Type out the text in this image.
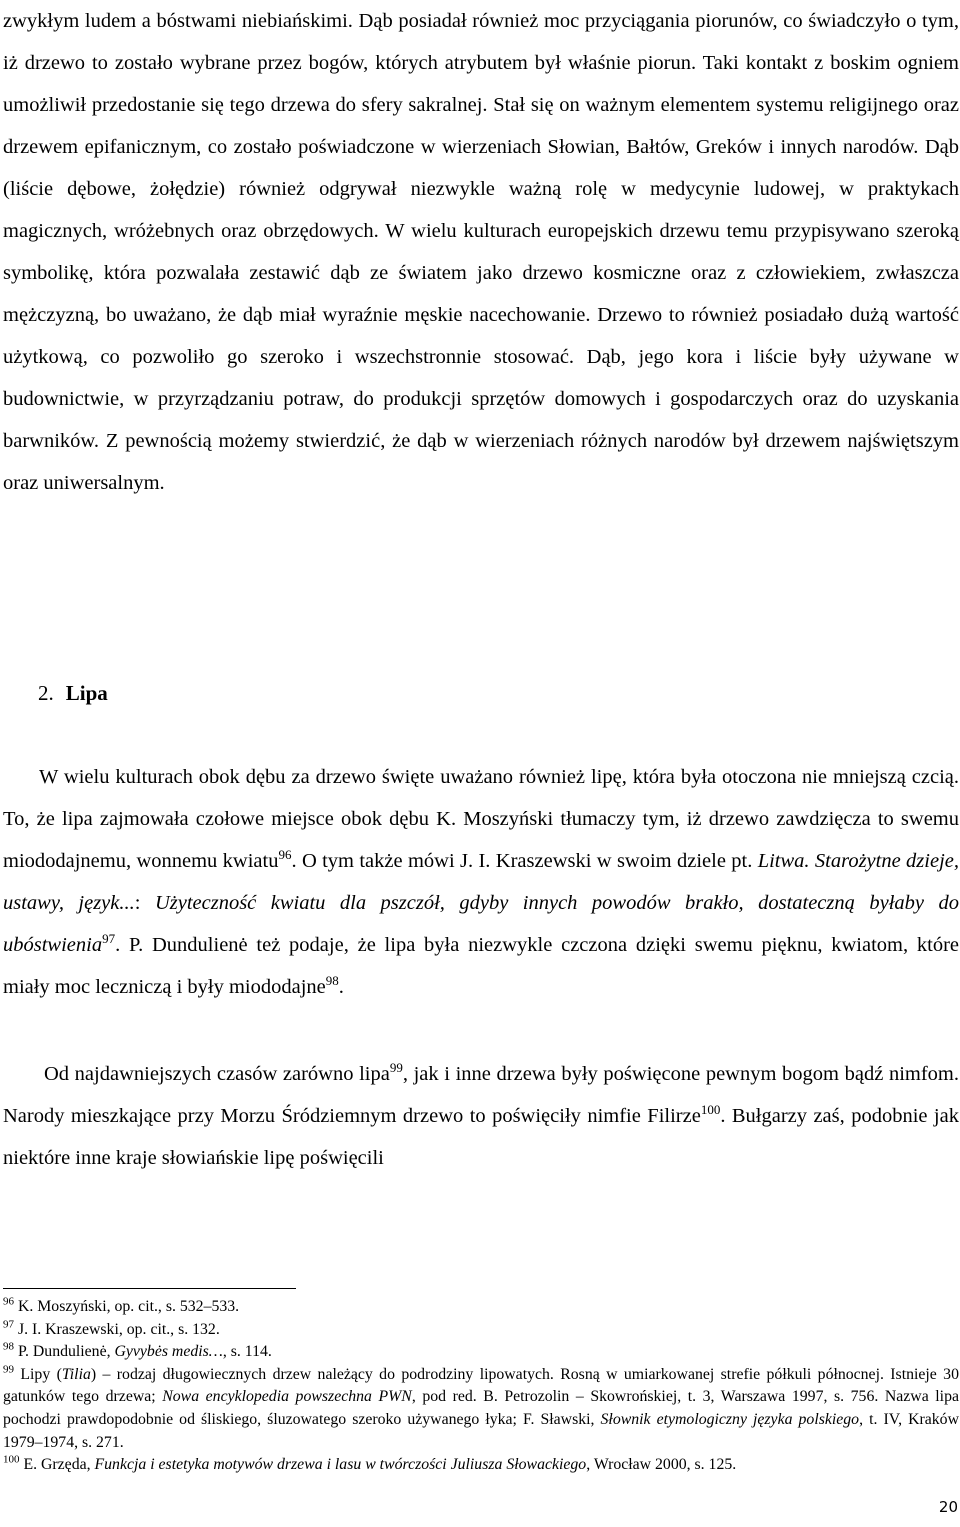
zwykłym ludem a bóstwami niebiańskimi. Dąb posiadał również moc przyciągania piorunów, co świadczyło o tym, iż drzewo to zostało wybrane przez bogów, których atrybutem był właśnie piorun. Taki kontakt z boskim ogniem umożliwił przedostanie się tego drzewa do sfery sakralnej. Stał się on ważnym elementem systemu religijnego oraz drzewem epifanicznym, co zostało poświadczone w wierzeniach Słowian, Bałtów, Greków i innych narodów. Dąb (liście dębowe, żołędzie) również odgrywał niezwykle ważną rolę w medycynie ludowej, w praktykach magicznych, wróżebnych oraz obrzędowych. W wielu kulturach europejskich drzewu temu przypisywano szeroką symbolikę, która pozwalała zestawić dąb ze światem jako drzewo kosmiczne oraz z człowiekiem, zwłaszcza mężczyzną, bo uważano, że dąb miał wyraźnie męskie nacechowanie. Drzewo to również posiadało dużą wartość użytkową, co pozwoliło go szeroko i wszechstronnie stosować. Dąb, jego kora i liście były używane w budownictwie, w przyrządzaniu potraw, do produkcji sprzętów domowych i gospodarczych oraz do uzyskania barwników. Z pewnością możemy stwierdzić, że dąb w wierzeniach różnych narodów był drzewem najświętszym oraz uniwersalnym.

2. Lipa

W wielu kulturach obok dębu za drzewo święte uważano również lipę, która była otoczona nie mniejszą czcią. To, że lipa zajmowała czołowe miejsce obok dębu K. Moszyński tłumaczy tym, iż drzewo zawdzięcza to swemu miododajnemu, wonnemu kwiatu$^{96}$. O tym także mówi J. I. Kraszewski w swoim dziele pt. Litwa. Starożytne dzieje, ustawy, język...: Użyteczność kwiatu dla pszczół, gdyby innych powodów brakło, dostateczną byłaby do ubóstwienia$^{97}$. P. Dundulienė też podaje, że lipa była niezwykle czczona dzięki swemu pięknu, kwiatom, które miały moc leczniczą i były miododajne$^{98}$.

Od najdawniejszych czasów zarówno lipa$^{99}$, jak i inne drzewa były poświęcone pewnym bogom bądź nimfom. Narody mieszkające przy Morzu Śródziemnym drzewo to poświęciły nimfie Filirze$^{100}$. Bułgarzy zaś, podobnie jak niektóre inne kraje słowiańskie lipę poświęcili

$^{96}$ K. Moszyński, op. cit., s. 532–533.
$^{97}$ J. I. Kraszewski, op. cit., s. 132.
$^{98}$ P. Dundulienė, Gyvybės medis…, s. 114.
$^{99}$ Lipy (Tilia) – rodzaj długowiecznych drzew należący do podrodziny lipowatych. Rosną w umiarkowanej strefie półkuli północnej. Istnieje 30 gatunków tego drzewa; Nowa encyklopedia powszechna PWN, pod red. B. Petrozolin – Skowrońskiej, t. 3, Warszawa 1997, s. 756. Nazwa lipa pochodzi prawdopodobnie od śliskiego, śluzowatego szeroko używanego łyka; F. Sławski, Słownik etymologiczny języka polskiego, t. IV, Kraków 1979–1974, s. 271.
$^{100}$ E. Grzęda, Funkcja i estetyka motywów drzewa i lasu w twórczości Juliusza Słowackiego, Wrocław 2000, s. 125.
20
